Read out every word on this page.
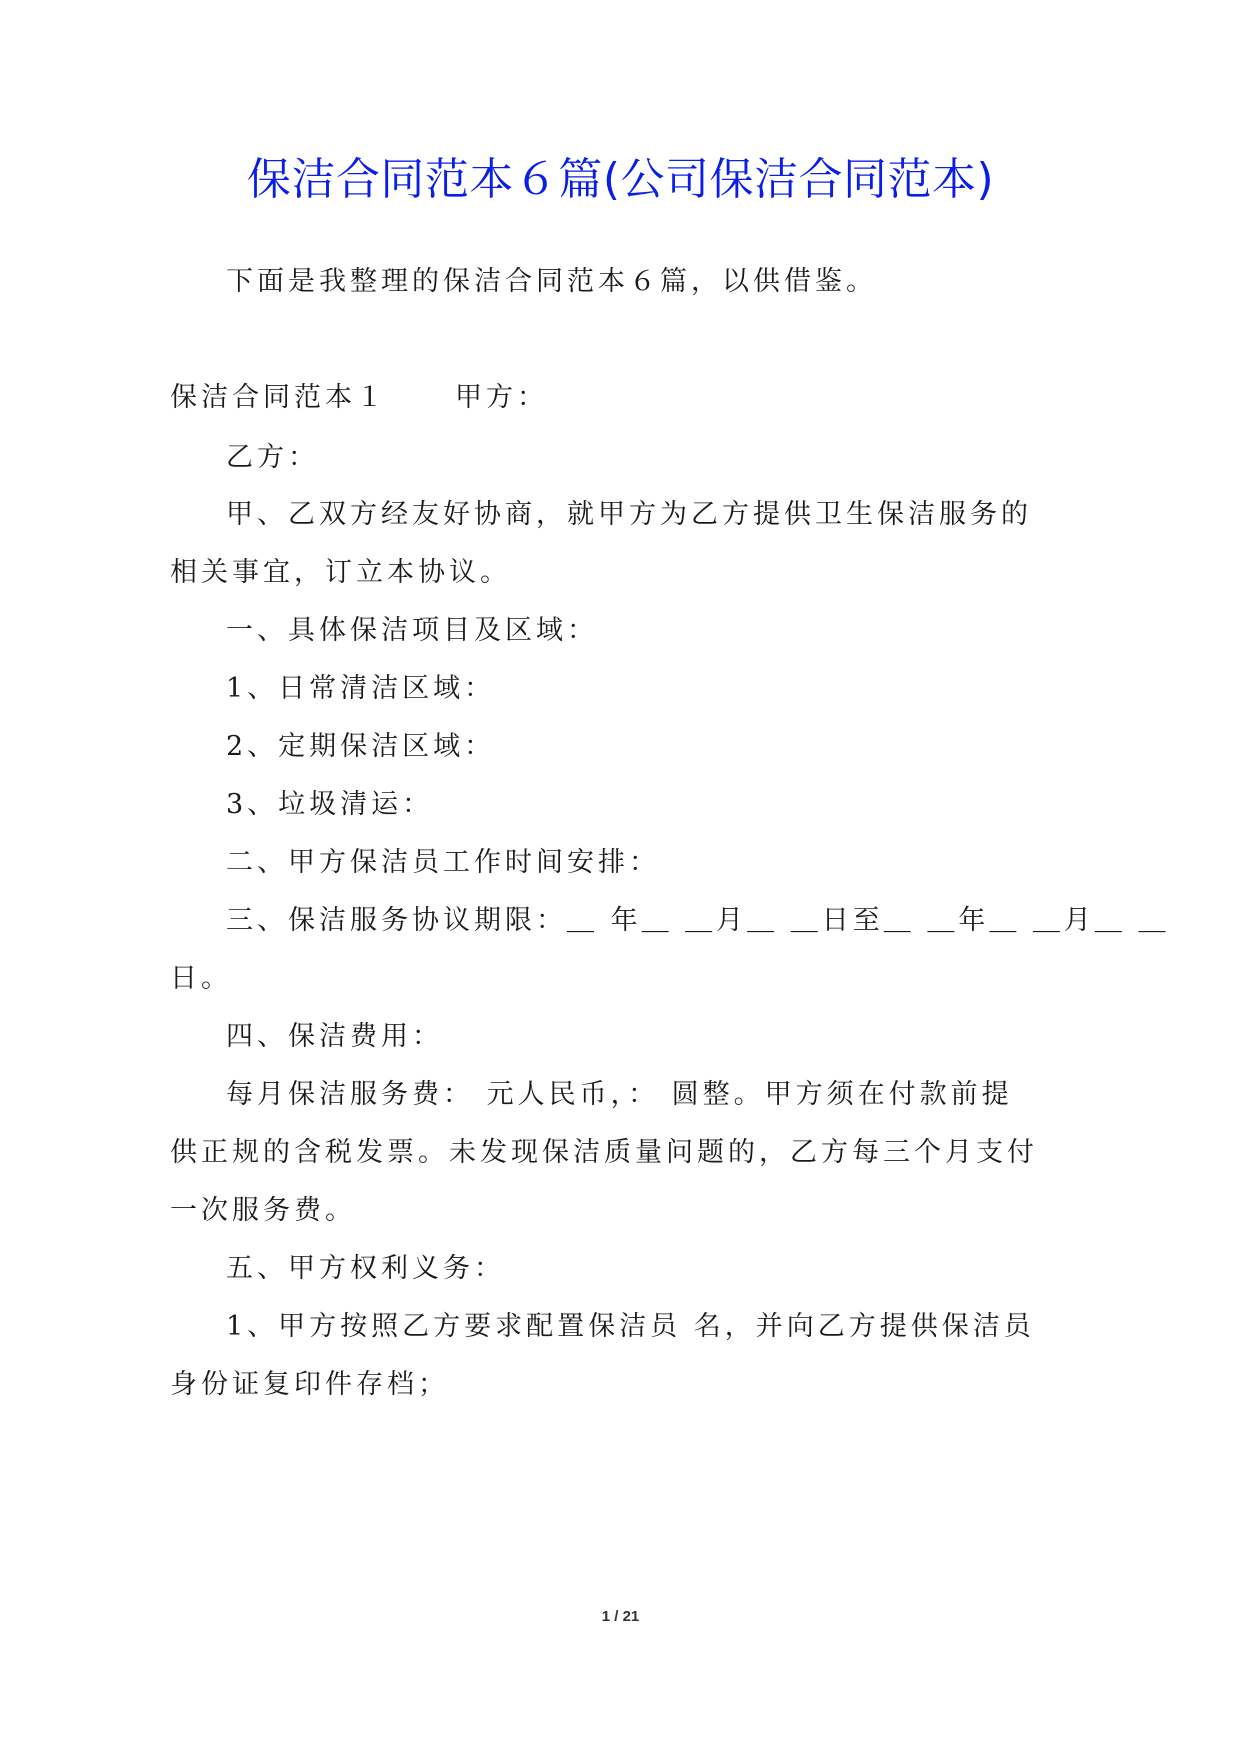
保洁合同范本６篇(公司保洁合同范本)
下面是我整理的保洁合同范本６篇，以供借鉴。
保洁合同范本１	甲方：
乙方：
甲、乙双方经友好协商，就甲方为乙方提供卫生保洁服务的
相关事宜，订立本协议。
一、具体保洁项目及区域：
1、日常清洁区域：
2、定期保洁区域：
3、垃圾清运：
二、甲方保洁员工作时间安排：
三、保洁服务协议期限：＿ 年＿ ＿月＿ ＿日至＿ ＿年＿ ＿月＿ ＿
日。
四、保洁费用：
每月保洁服务费： 元人民币，： 圆整。甲方须在付款前提
供正规的含税发票。未发现保洁质量问题的，乙方每三个月支付
一次服务费。
五、甲方权利义务：
1、甲方按照乙方要求配置保洁员 名，并向乙方提供保洁员
身份证复印件存档；
1 / 21
